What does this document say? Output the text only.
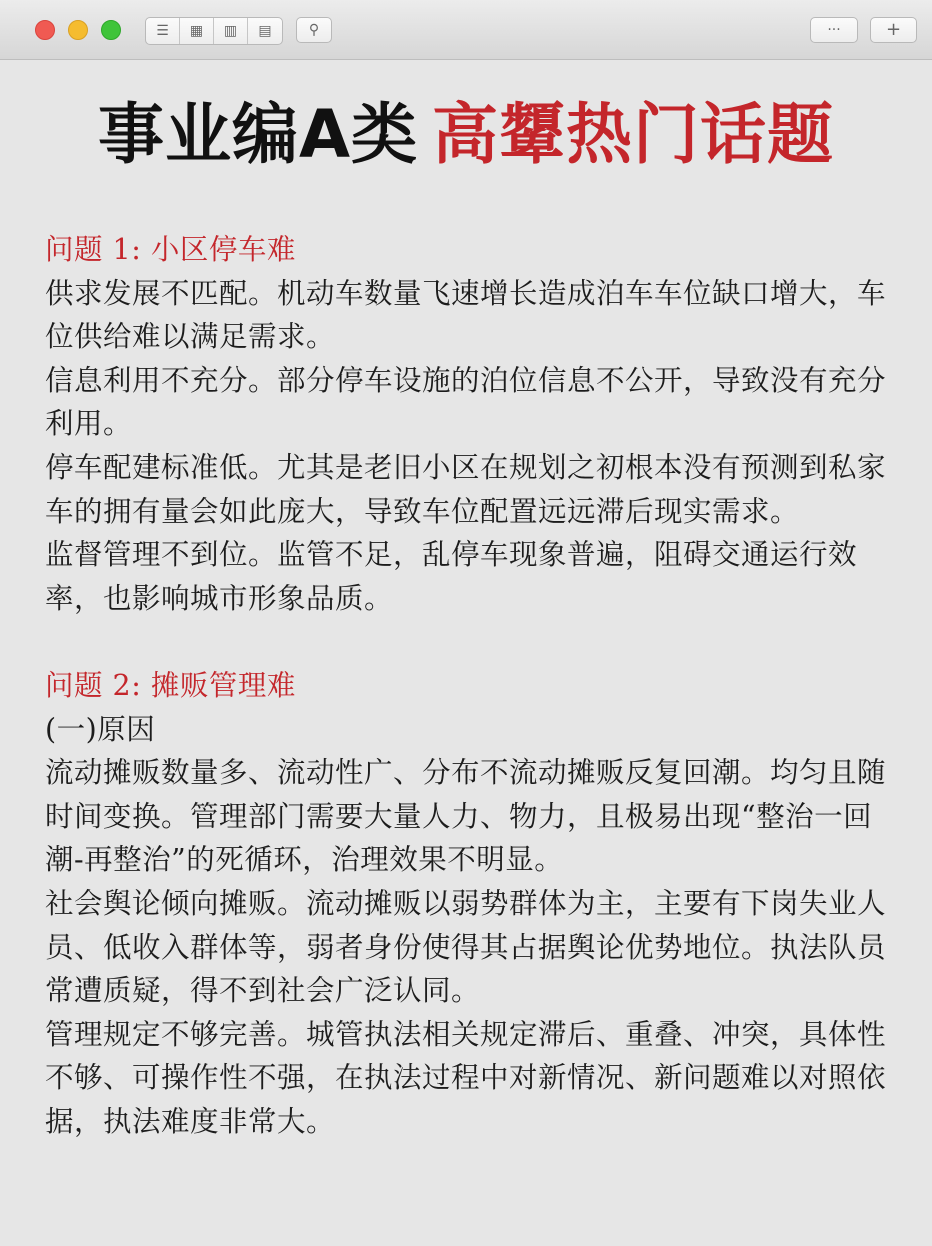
☰ ▦ ▥ ▤	⚲	···	+
事业编A类 高顰热门话题

问题 1: 小区停车难

供求发展不匹配。机动车数量飞速增长造成泊车车位缺口增大，车位供给难以满足需求。

信息利用不充分。部分停车设施的泊位信息不公开，导致没有充分利用。

停车配建标准低。尤其是老旧小区在规划之初根本没有预测到私家车的拥有量会如此庞大，导致车位配置远远滞后现实需求。

监督管理不到位。监管不足，乱停车现象普遍，阻碍交通运行效率，也影响城市形象品质。

问题 2: 摊贩管理难

(一)原因

流动摊贩数量多、流动性广、分布不流动摊贩反复回潮。均匀且随时间变换。管理部门需要大量人力、物力，且极易出现“整治一回潮-再整治”的死循环，治理效果不明显。

社会舆论倾向摊贩。流动摊贩以弱势群体为主，主要有下岗失业人员、低收入群体等，弱者身份使得其占据舆论优势地位。执法队员常遭质疑，得不到社会广泛认同。

管理规定不够完善。城管执法相关规定滞后、重叠、冲突，具体性不够、可操作性不强，在执法过程中对新情况、新问题难以对照依据，执法难度非常大。
